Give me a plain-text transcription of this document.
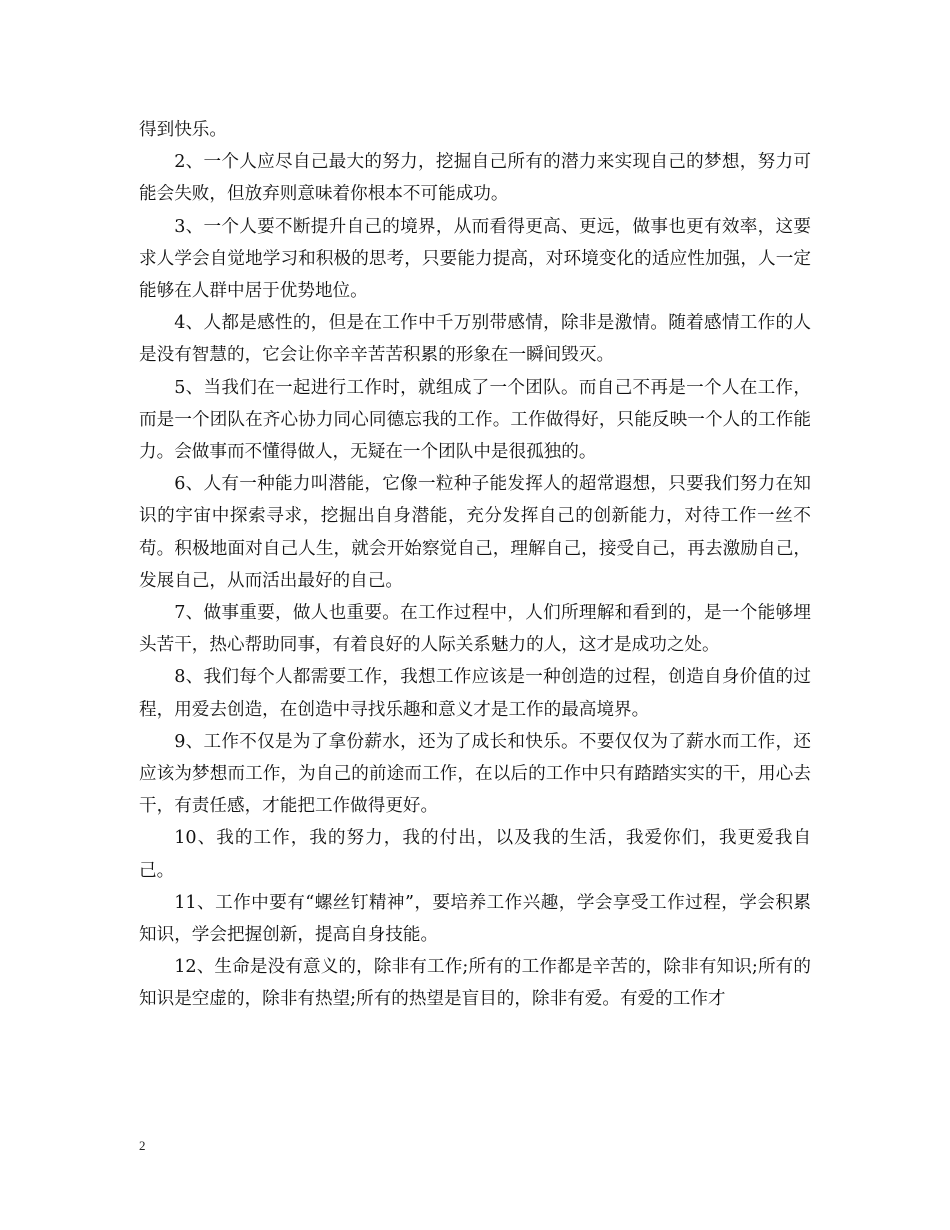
得到快乐。

2、一个人应尽自己最大的努力，挖掘自己所有的潜力来实现自己的梦想，努力可能会失败，但放弃则意味着你根本不可能成功。

3、一个人要不断提升自己的境界，从而看得更高、更远，做事也更有效率，这要求人学会自觉地学习和积极的思考，只要能力提高，对环境变化的适应性加强，人一定能够在人群中居于优势地位。

4、人都是感性的，但是在工作中千万别带感情，除非是激情。随着感情工作的人是没有智慧的，它会让你辛辛苦苦积累的形象在一瞬间毁灭。

5、当我们在一起进行工作时，就组成了一个团队。而自己不再是一个人在工作，而是一个团队在齐心协力同心同德忘我的工作。工作做得好，只能反映一个人的工作能力。会做事而不懂得做人，无疑在一个团队中是很孤独的。

6、人有一种能力叫潜能，它像一粒种子能发挥人的超常遐想，只要我们努力在知识的宇宙中探索寻求，挖掘出自身潜能，充分发挥自己的创新能力，对待工作一丝不苟。积极地面对自己人生，就会开始察觉自己，理解自己，接受自己，再去激励自己，发展自己，从而活出最好的自己。

7、做事重要，做人也重要。在工作过程中，人们所理解和看到的，是一个能够埋头苦干，热心帮助同事，有着良好的人际关系魅力的人，这才是成功之处。

8、我们每个人都需要工作，我想工作应该是一种创造的过程，创造自身价值的过程，用爱去创造，在创造中寻找乐趣和意义才是工作的最高境界。

9、工作不仅是为了拿份薪水，还为了成长和快乐。不要仅仅为了薪水而工作，还应该为梦想而工作，为自己的前途而工作，在以后的工作中只有踏踏实实的干，用心去干，有责任感，才能把工作做得更好。

10、我的工作，我的努力，我的付出，以及我的生活，我爱你们，我更爱我自己。

11、工作中要有“螺丝钉精神”，要培养工作兴趣，学会享受工作过程，学会积累知识，学会把握创新，提高自身技能。

12、生命是没有意义的，除非有工作;所有的工作都是辛苦的，除非有知识;所有的知识是空虚的，除非有热望;所有的热望是盲目的，除非有爱。有爱的工作才

2
